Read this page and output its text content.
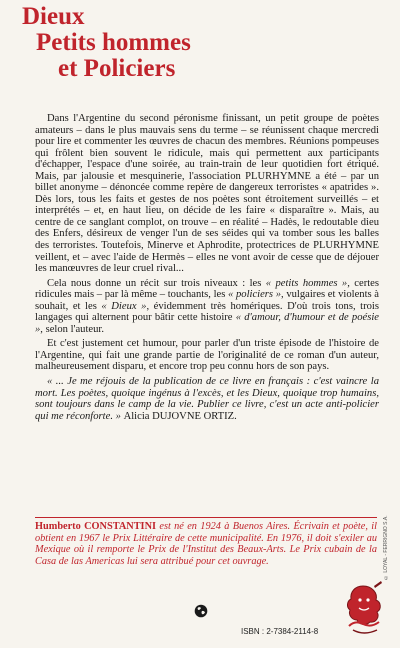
Dieux
Petits hommes
et Policiers

Dans l'Argentine du second péronisme finissant, un petit groupe de poètes amateurs – dans le plus mauvais sens du terme – se réunissent chaque mercredi pour lire et commenter les œuvres de chacun des membres. Réunions pompeuses qui frôlent bien souvent le ridicule, mais qui permettent aux participants d'échapper, l'espace d'une soirée, au train-train de leur quotidien fort étriqué. Mais, par jalousie et mesquinerie, l'association PLURHYMNE a été – par un billet anonyme – dénoncée comme repère de dangereux terroristes « apatrides ». Dès lors, tous les faits et gestes de nos poètes sont étroitement surveillés – et interprétés – et, en haut lieu, on décide de les faire « disparaître ». Mais, au centre de ce sanglant complot, on trouve – en réalité – Hadès, le redoutable dieu des Enfers, désireux de venger l'un de ses séides qui va tomber sous les balles des terroristes. Toutefois, Minerve et Aphrodite, protectrices de PLURHYMNE veillent, et – avec l'aide de Hermès – elles ne vont avoir de cesse que de déjouer les manœuvres de leur cruel rival...

Cela nous donne un récit sur trois niveaux : les « petits hommes », certes ridicules mais – par là même – touchants, les « policiers », vulgaires et violents à souhait, et les « Dieux », évidemment très homériques. D'où trois tons, trois langages qui alternent pour bâtir cette histoire « d'amour, d'humour et de poésie », selon l'auteur.

Et c'est justement cet humour, pour parler d'un triste épisode de l'histoire de l'Argentine, qui fait une grande partie de l'originalité de ce roman d'un auteur, malheureusement disparu, et encore trop peu connu hors de son pays.

« ... Je me réjouis de la publication de ce livre en français : c'est vaincre la mort. Les poètes, quoique ingénus à l'excès, et les Dieux, quoique trop humains, sont toujours dans le camp de la vie. Publier ce livre, c'est un acte anti-policier qui me réconforte. » Alicia DUJOVNE ORTIZ.

Humberto CONSTANTINI est né en 1924 à Buenos Aires. Écrivain et poète, il obtient en 1967 le Prix Littéraire de cette municipalité. En 1976, il doit s'exiler au Mexique où il remporte le Prix de l'Institut des Beaux-Arts. Le Prix cubain de la Casa de las Americas lui sera attribué pour cet ouvrage.	© LOYAL - FERRIGNO S.A.
ISBN : 2-7384-2114-8
